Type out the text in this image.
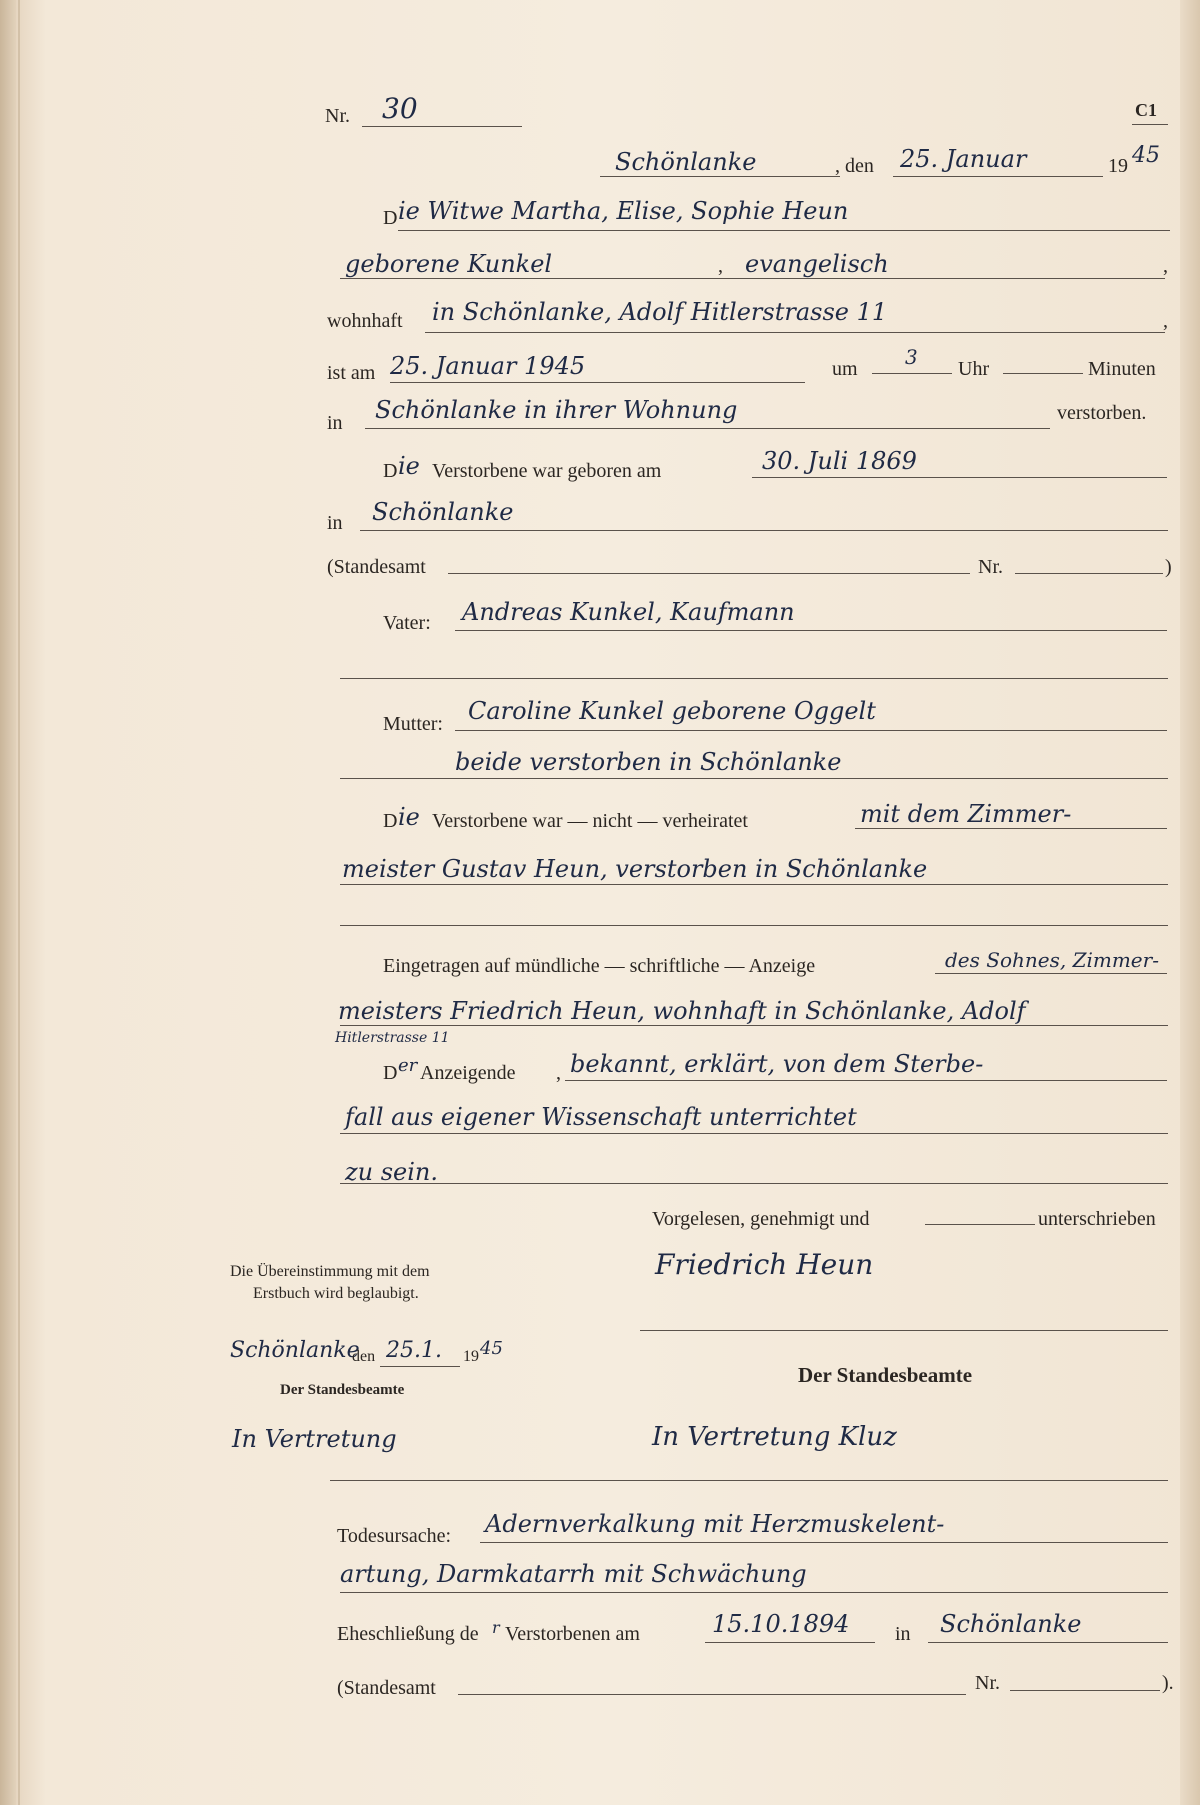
Nr. 30	C1
Schönlanke	, den 25. Januar	19 45
D ie Witwe Martha, Elise, Sophie Heun
geborene Kunkel	, evangelisch	,
wohnhaft in Schönlanke, Adolf Hitlerstrasse 11	,
ist am 25. Januar 1945	um 3 Uhr	Minuten
in Schönlanke in ihrer Wohnung	verstorben.
D ie Verstorbene war geboren am	30. Juli 1869
in Schönlanke
(Standesamt	Nr.	)
Vater: Andreas Kunkel, Kaufmann
Mutter: Caroline Kunkel geborene Oggelt
beide verstorben in Schönlanke
D ie Verstorbene war — nicht — verheiratet	mit dem Zimmer-
meister Gustav Heun, verstorben in Schönlanke
Eingetragen auf mündliche — schriftliche — Anzeige	des Sohnes, Zimmer-
meisters Friedrich Heun, wohnhaft in Schönlanke, Adolf
Hitlerstrasse 11
D er Anzeigende , bekannt, erklärt, von dem Sterbe-
fall aus eigener Wissenschaft unterrichtet
zu sein.
Vorgelesen, genehmigt und	unterschrieben
Friedrich Heun
Die Übereinstimmung mit dem
Erstbuch wird beglaubigt.
Schönlanke
den 25.1. 19 45
Der Standesbeamte
Der Standesbeamte
In Vertretung	In Vertretung Kluz
Todesursache: Adernverkalkung mit Herzmuskelent-
artung, Darmkatarrh mit Schwächung
Eheschließung de r Verstorbenen am	15.10.1894 in Schönlanke
(Standesamt	Nr.	).
